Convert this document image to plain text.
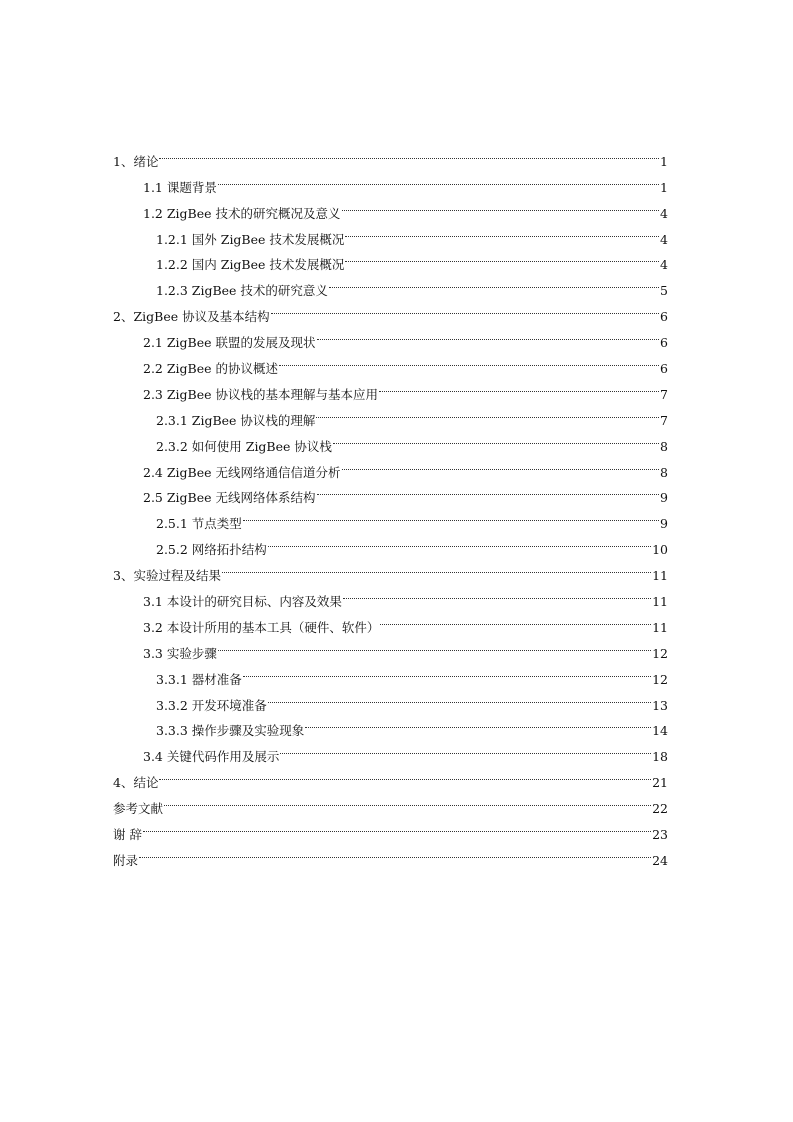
1、绪论	1
1.1 课题背景	1
1.2 ZigBee 技术的研究概况及意义	4
1.2.1 国外 ZigBee 技术发展概况	4
1.2.2 国内 ZigBee 技术发展概况	4
1.2.3 ZigBee 技术的研究意义	5
2、ZigBee 协议及基本结构	6
2.1 ZigBee 联盟的发展及现状	6
2.2 ZigBee 的协议概述	6
2.3 ZigBee 协议栈的基本理解与基本应用	7
2.3.1 ZigBee 协议栈的理解	7
2.3.2 如何使用 ZigBee 协议栈	8
2.4 ZigBee 无线网络通信信道分析	8
2.5 ZigBee 无线网络体系结构	9
2.5.1 节点类型	9
2.5.2 网络拓扑结构	10
3、实验过程及结果	11
3.1 本设计的研究目标、内容及效果	11
3.2 本设计所用的基本工具（硬件、软件）	11
3.3 实验步骤	12
3.3.1 器材准备	12
3.3.2 开发环境准备	13
3.3.3 操作步骤及实验现象	14
3.4 关键代码作用及展示	18
4、结论	21
参考文献	22
谢 辞	23
附录	24
